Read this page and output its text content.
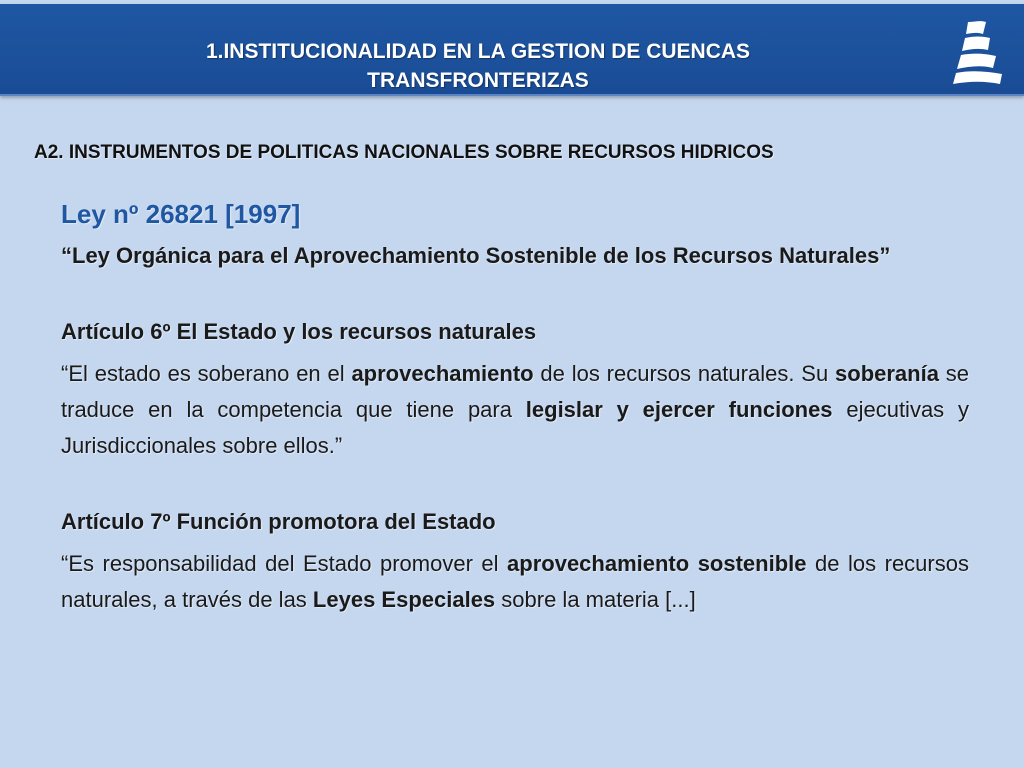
1.INSTITUCIONALIDAD EN LA GESTION DE CUENCAS
TRANSFRONTERIZAS
A2. INSTRUMENTOS DE POLITICAS NACIONALES SOBRE RECURSOS HIDRICOS
Ley nº 26821 [1997]

“Ley Orgánica para el Aprovechamiento Sostenible de los Recursos Naturales”

Artículo 6º El Estado y los recursos naturales

“El estado es soberano en el aprovechamiento de los recursos naturales. Su soberanía se traduce en la competencia que tiene para legislar y ejercer funciones ejecutivas y Jurisdiccionales sobre ellos.”

Artículo 7º Función promotora del Estado

“Es responsabilidad del Estado promover el aprovechamiento sostenible de los recursos naturales, a través de las Leyes Especiales sobre la materia [...]
